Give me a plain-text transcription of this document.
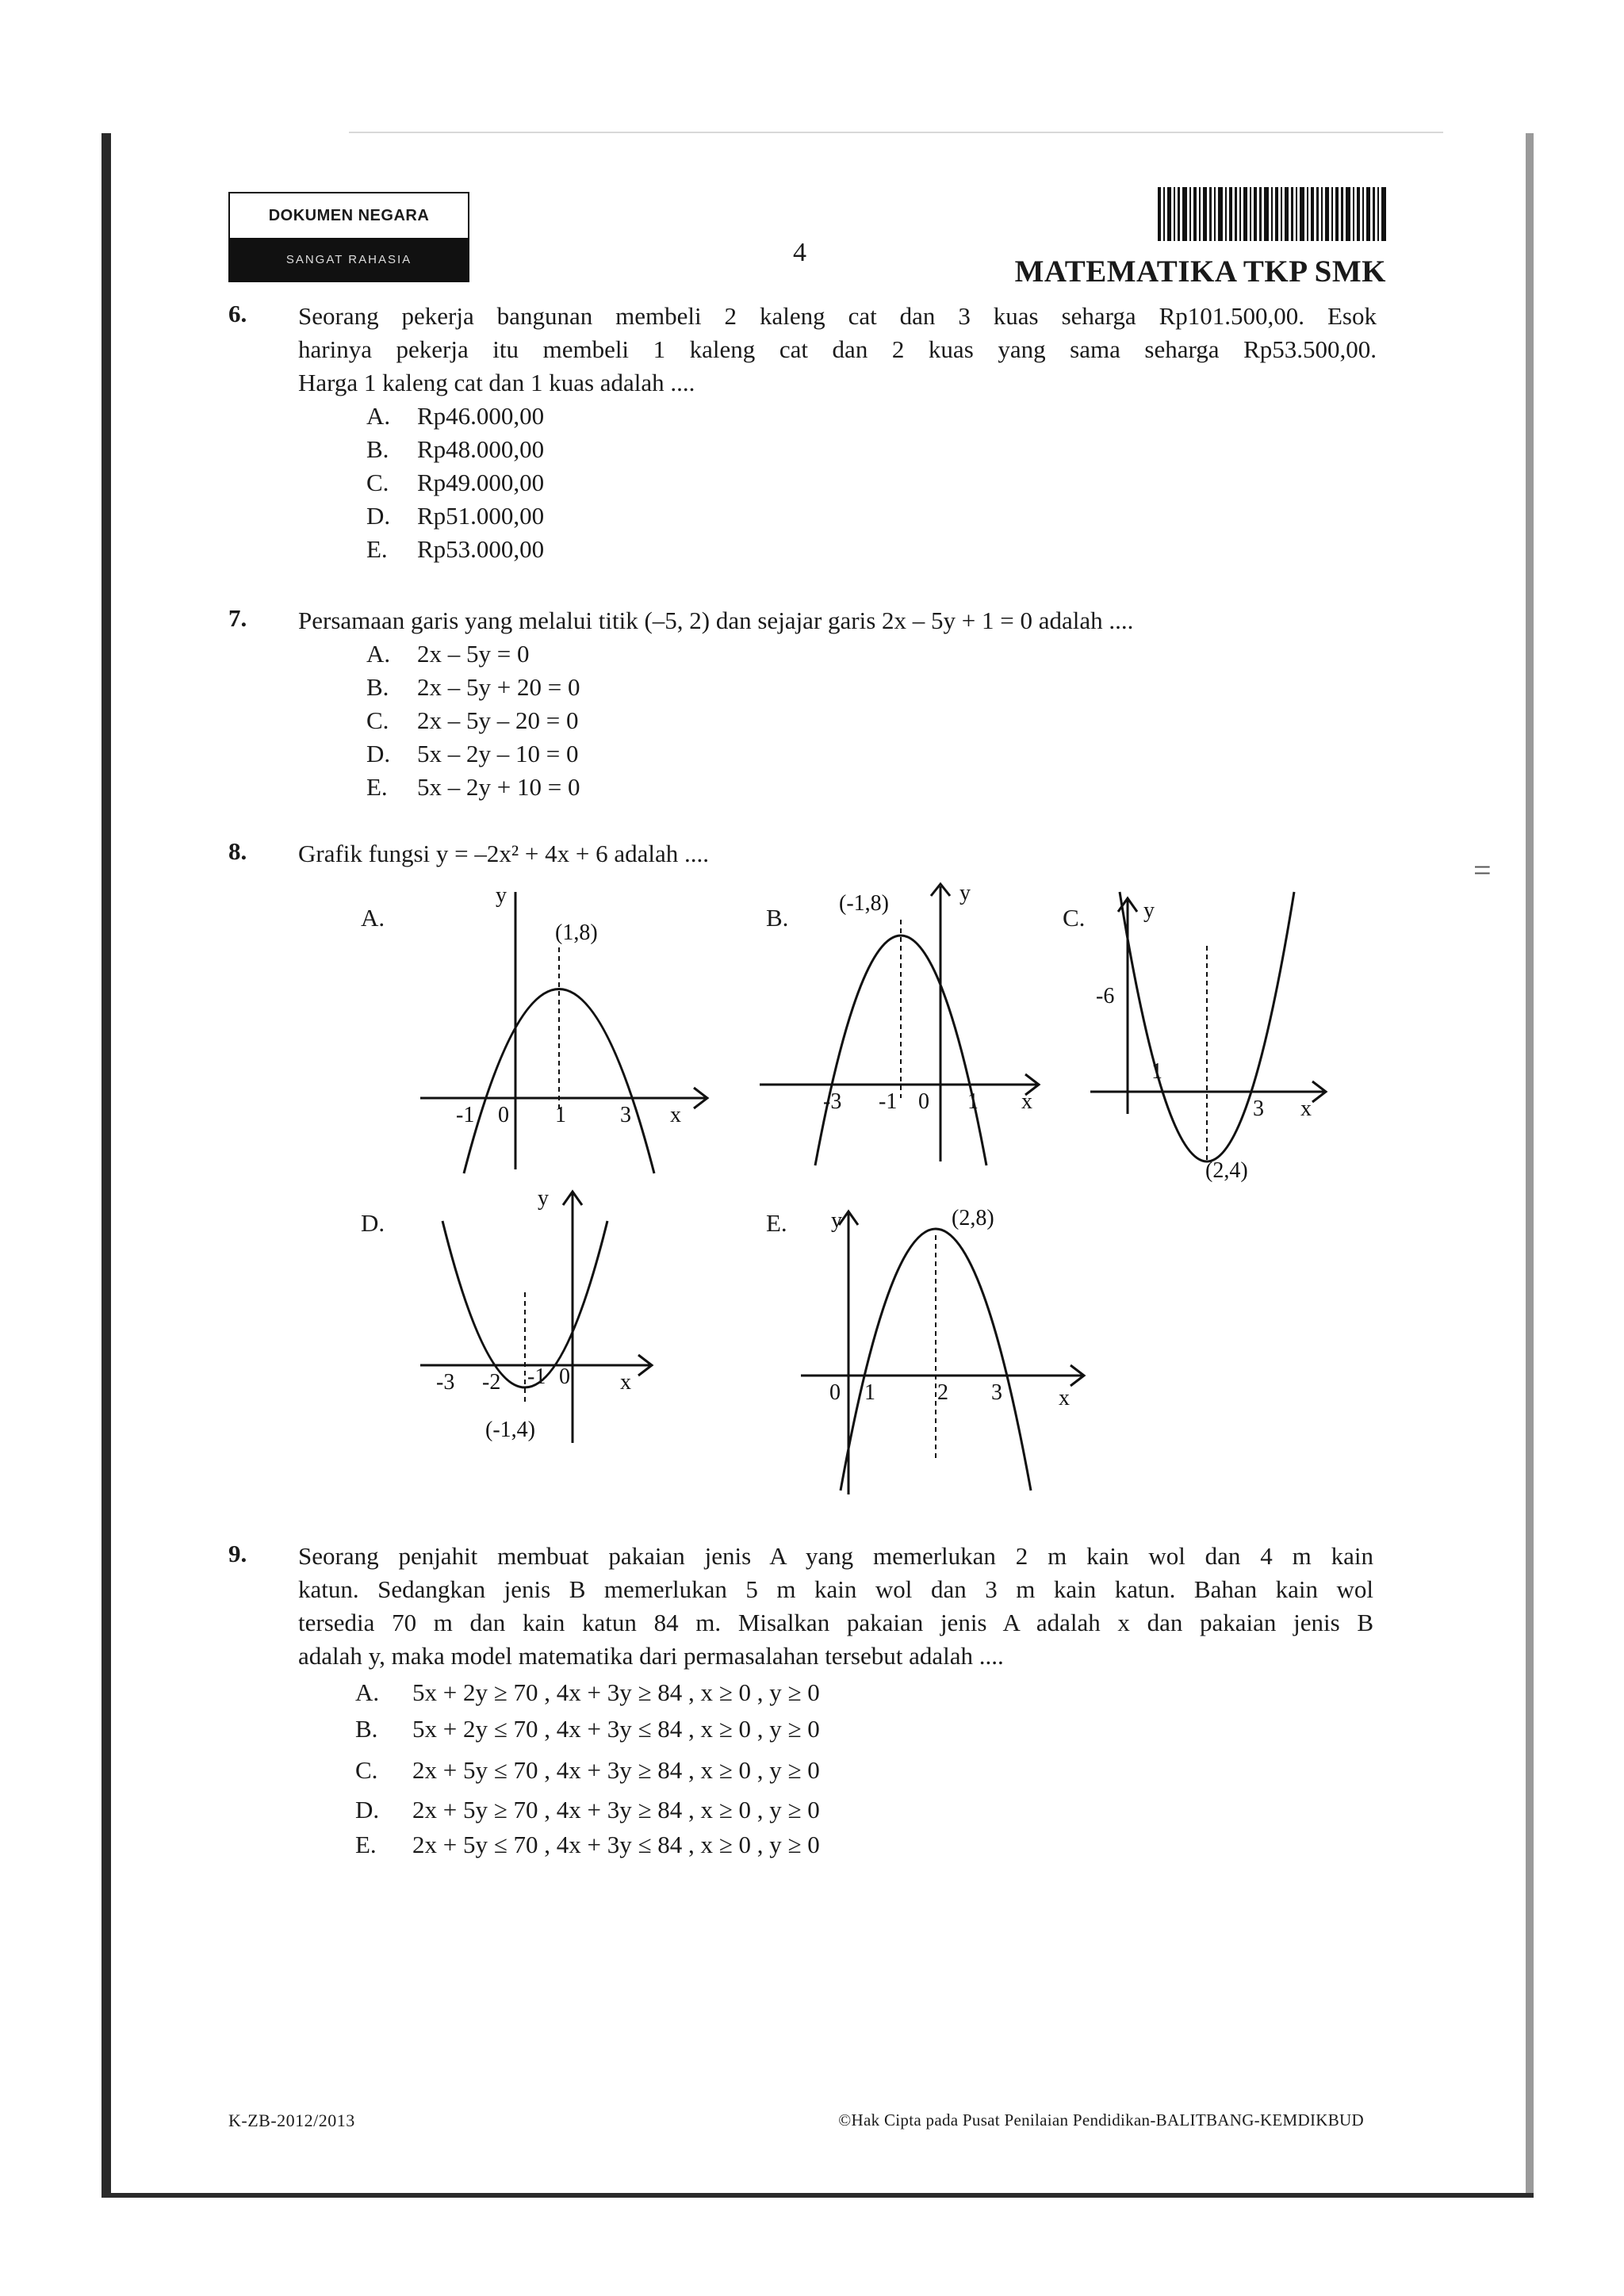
=
DOKUMEN NEGARA
SANGAT RAHASIA	4
MATEMATIKA TKP SMK
6. Seorang pekerja bangunan membeli 2 kaleng cat dan 3 kuas seharga Rp101.500,00. Esok
harinya pekerja itu membeli 1 kaleng cat dan 2 kuas yang sama seharga Rp53.500,00.
Harga 1 kaleng cat dan 1 kuas adalah ....
A. Rp46.000,00
B. Rp48.000,00
C. Rp49.000,00
D. Rp51.000,00
E. Rp53.000,00
7. Persamaan garis yang melalui titik (–5, 2) dan sejajar garis 2x – 5y + 1 = 0 adalah ....
A. 2x – 5y = 0
B. 2x – 5y + 20 = 0
C. 2x – 5y – 20 = 0
D. 5x – 2y – 10 = 0
E. 5x – 2y + 10 = 0
8. Grafik fungsi y = –2x² + 4x + 6 adalah ....
A.
y
(1,8)
-1 0 1 3 x
B.
y
(-1,8)
-3 -1 0 1 x
C.	y
-6
1
3 x
(2,4)
D.
y
-3 -2 -1 0 x
(-1,4)
E. y	(2,8)
0 1	2 3	x
9. Seorang penjahit membuat pakaian jenis A yang memerlukan 2 m kain wol dan 4 m kain
katun. Sedangkan jenis B memerlukan 5 m kain wol dan 3 m kain katun. Bahan kain wol
tersedia 70 m dan kain katun 84 m. Misalkan pakaian jenis A adalah x dan pakaian jenis B
adalah y, maka model matematika dari permasalahan tersebut adalah ....
A. 5x + 2y ≥ 70 , 4x + 3y ≥ 84 , x ≥ 0 , y ≥ 0
B. 5x + 2y ≤ 70 , 4x + 3y ≤ 84 , x ≥ 0 , y ≥ 0
C. 2x + 5y ≤ 70 , 4x + 3y ≥ 84 , x ≥ 0 , y ≥ 0
D. 2x + 5y ≥ 70 , 4x + 3y ≥ 84 , x ≥ 0 , y ≥ 0
E. 2x + 5y ≤ 70 , 4x + 3y ≤ 84 , x ≥ 0 , y ≥ 0
K-ZB-2012/2013	©Hak Cipta pada Pusat Penilaian Pendidikan-BALITBANG-KEMDIKBUD
